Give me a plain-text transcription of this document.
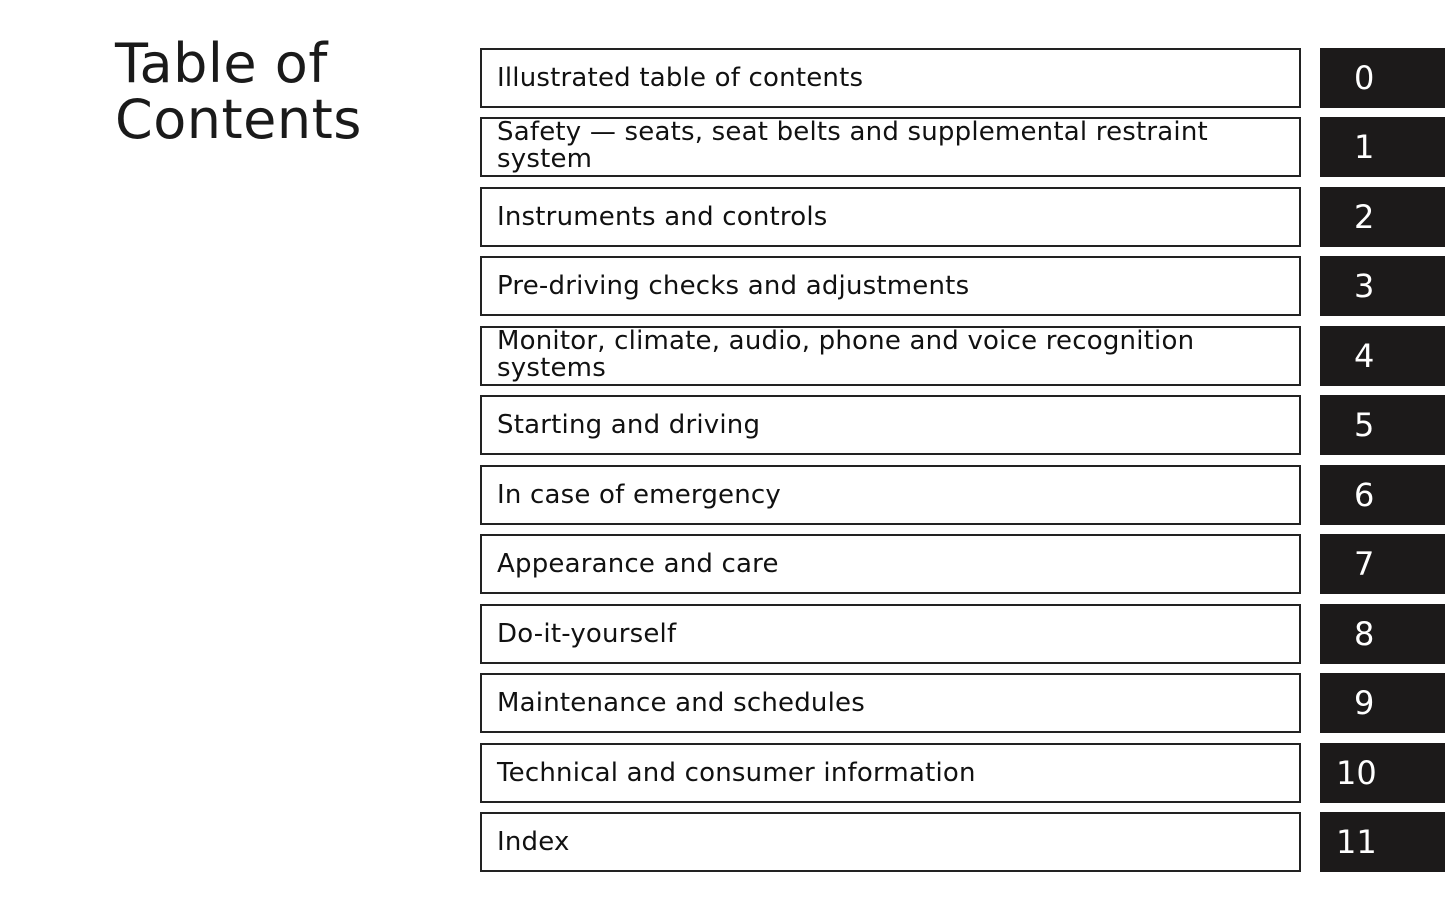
Table of
Contents
Illustrated table of contents	0
Safety — seats, seat belts and supplemental restraint system	1
Instruments and controls	2
Pre-driving checks and adjustments	3
Monitor, climate, audio, phone and voice recognition systems	4
Starting and driving	5
In case of emergency	6
Appearance and care	7
Do-it-yourself	8
Maintenance and schedules	9
Technical and consumer information	10
Index	11
